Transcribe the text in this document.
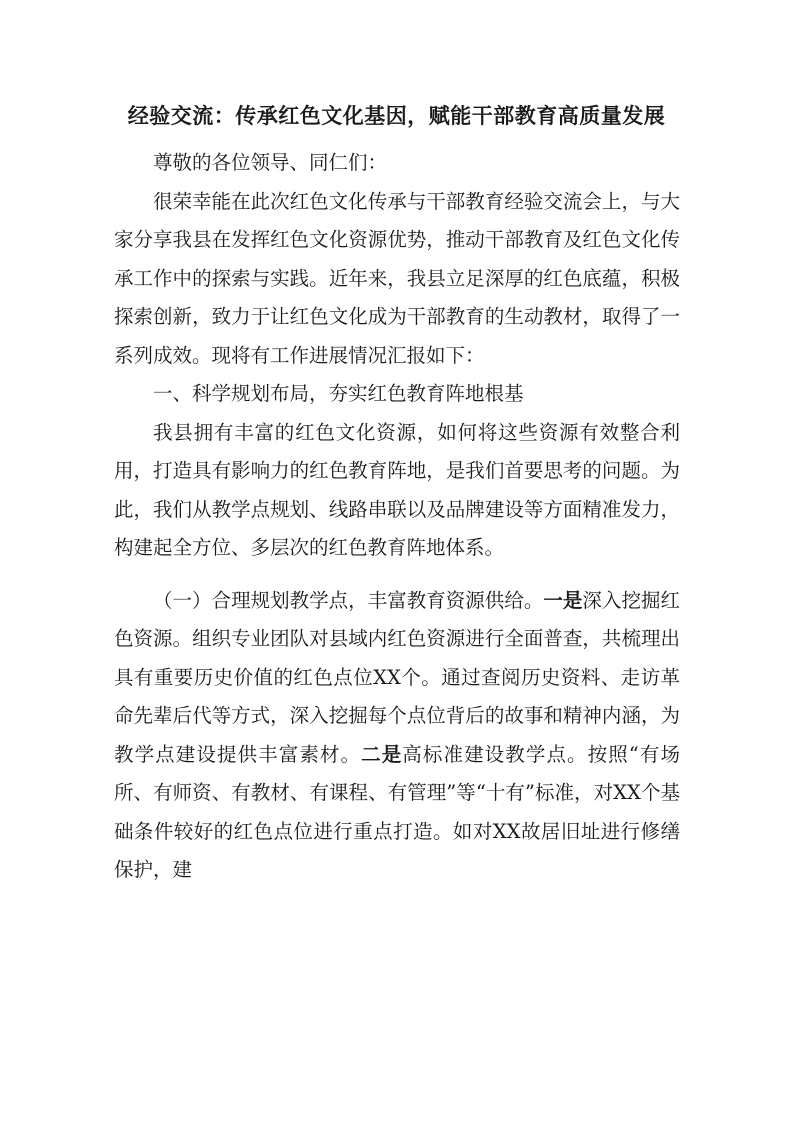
经验交流：传承红色文化基因，赋能干部教育高质量发展

尊敬的各位领导、同仁们：

很荣幸能在此次红色文化传承与干部教育经验交流会上，与大家分享我县在发挥红色文化资源优势，推动干部教育及红色文化传承工作中的探索与实践。近年来，我县立足深厚的红色底蕴，积极探索创新，致力于让红色文化成为干部教育的生动教材，取得了一系列成效。现将有工作进展情况汇报如下：

一、科学规划布局，夯实红色教育阵地根基

我县拥有丰富的红色文化资源，如何将这些资源有效整合利用，打造具有影响力的红色教育阵地，是我们首要思考的问题。为此，我们从教学点规划、线路串联以及品牌建设等方面精准发力，构建起全方位、多层次的红色教育阵地体系。

（一）合理规划教学点，丰富教育资源供给。一是深入挖掘红色资源。组织专业团队对县域内红色资源进行全面普查，共梳理出具有重要历史价值的红色点位XX个。通过查阅历史资料、走访革命先辈后代等方式，深入挖掘每个点位背后的故事和精神内涵，为教学点建设提供丰富素材。二是高标准建设教学点。按照“有场所、有师资、有教材、有课程、有管理”等“十有”标准，对XX个基础条件较好的红色点位进行重点打造。如对XX故居旧址进行修缮保护，建
